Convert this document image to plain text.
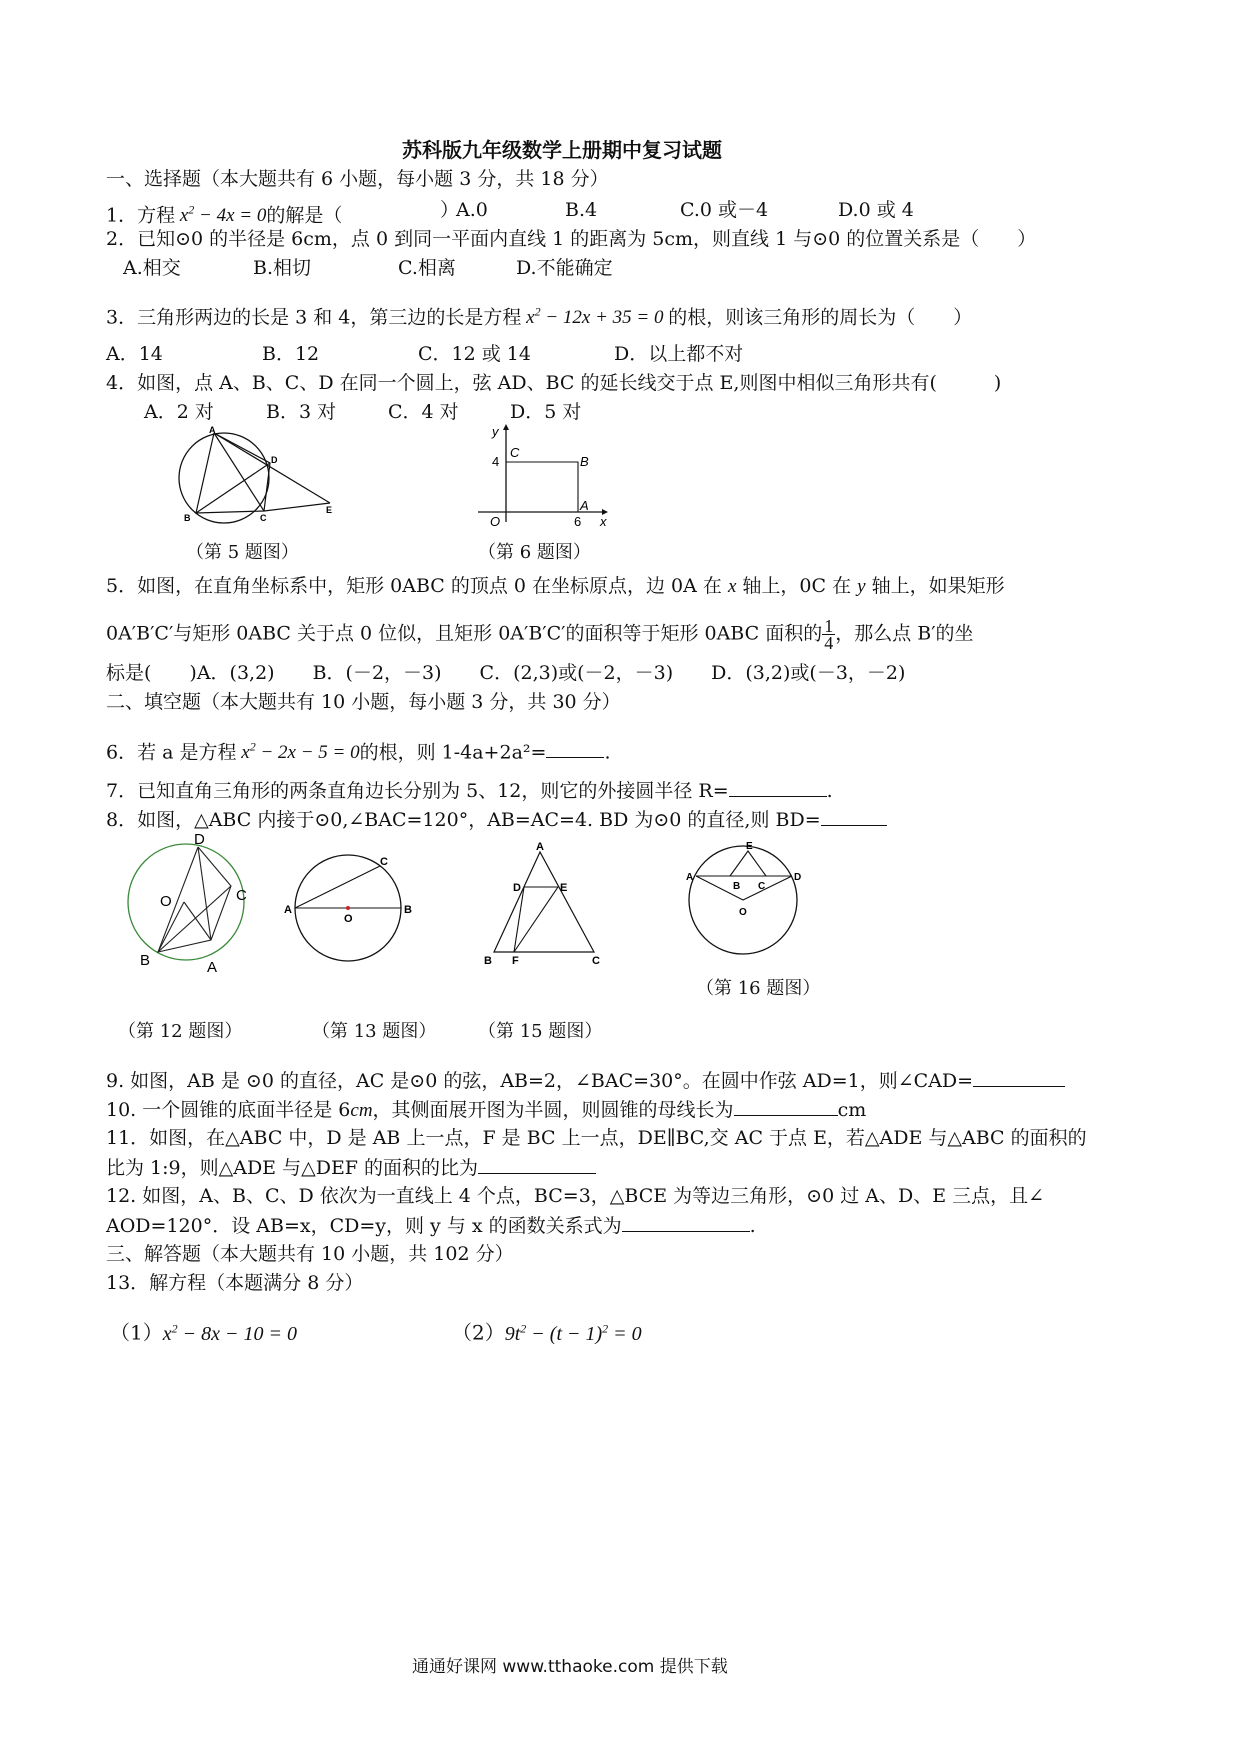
苏科版九年级数学上册期中复习试题
一、选择题（本大题共有 6 小题，每小题 3 分，共 18 分）
1．方程 $x^2 - 4x = 0$的解是（	）
A.0	B.4	C.0 或－4	D.0 或 4
2．已知⊙0 的半径是 6cm，点 0 到同一平面内直线 1 的距离为 5cm，则直线 1 与⊙0 的位置关系是（　　）
A.相交	B.相切	C.相离	D.不能确定
3．三角形两边的长是 3 和 4，第三边的长是方程 $x^2 - 12x + 35 = 0$ 的根，则该三角形的周长为（　　）
A．14	B．12	C．12 或 14	D．以上都不对
4．如图，点 A、B、C、D 在同一个圆上，弦 AD、BC 的延长线交于点 E,则图中相似三角形共有(　　　)
A．2 对	B．3 对	C．4 对	D．5 对
A
B	C
D
E
（第 5 题图）
y
x
O
C
B
A
4
6
（第 6 题图）
5．如图，在直角坐标系中，矩形 0ABC 的顶点 0 在坐标原点，边 0A 在 x 轴上，0C 在 y 轴上，如果矩形
0A′B′C′与矩形 0ABC 关于点 0 位似，且矩形 0A′B′C′的面积等于矩形 0ABC 面积的 $\frac{1}{4}$ ，那么点 B′的坐
标是(　　)A．(3,2)　　B．(－2，－3)　　C．(2,3)或(－2，－3)　　D．(3,2)或(－3，－2)
二、填空题（本大题共有 10 小题，每小题 3 分，共 30 分）
6．若 a 是方程 $x^2 - 2x - 5 = 0$的根，则 1-4a+2a²=	.
7．已知直角三角形的两条直角边长分别为 5、12，则它的外接圆半径 R=	.
8．如图，△ABC 内接于⊙0,∠BAC=120°，AB=AC=4. BD 为⊙0 的直径,则 BD=
D
O	C
B	A
（第 12 题图）
A
O
B
C
（第 13 题图）
A
D	E
B F	C
（第 15 题图）
E
A
B C
D
O
（第 16 题图）
9. 如图，AB 是 ⊙0 的直径，AC 是⊙0 的弦，AB=2，∠BAC=30°。在圆中作弦 AD=1，则∠CAD=
10. 一个圆锥的底面半径是 6cm，其侧面展开图为半圆，则圆锥的母线长为	cm
11．如图，在△ABC 中，D 是 AB 上一点，F 是 BC 上一点，DE∥BC,交 AC 于点 E，若△ADE 与△ABC 的面积的
比为 1:9，则△ADE 与△DEF 的面积的比为
12. 如图，A、B、C、D 依次为一直线上 4 个点，BC=3，△BCE 为等边三角形，⊙0 过 A、D、E 三点，且∠
AOD=120°．设 AB=x，CD=y，则 y 与 x 的函数关系式为	.
三、解答题（本大题共有 10 小题，共 102 分）
13．解方程（本题满分 8 分）
$(1)x^2 - 8x - 10 = 0$	$(2)9t^2 - (t - 1)^2 = 0$
通通好课网 www.tthaoke.com 提供下载
